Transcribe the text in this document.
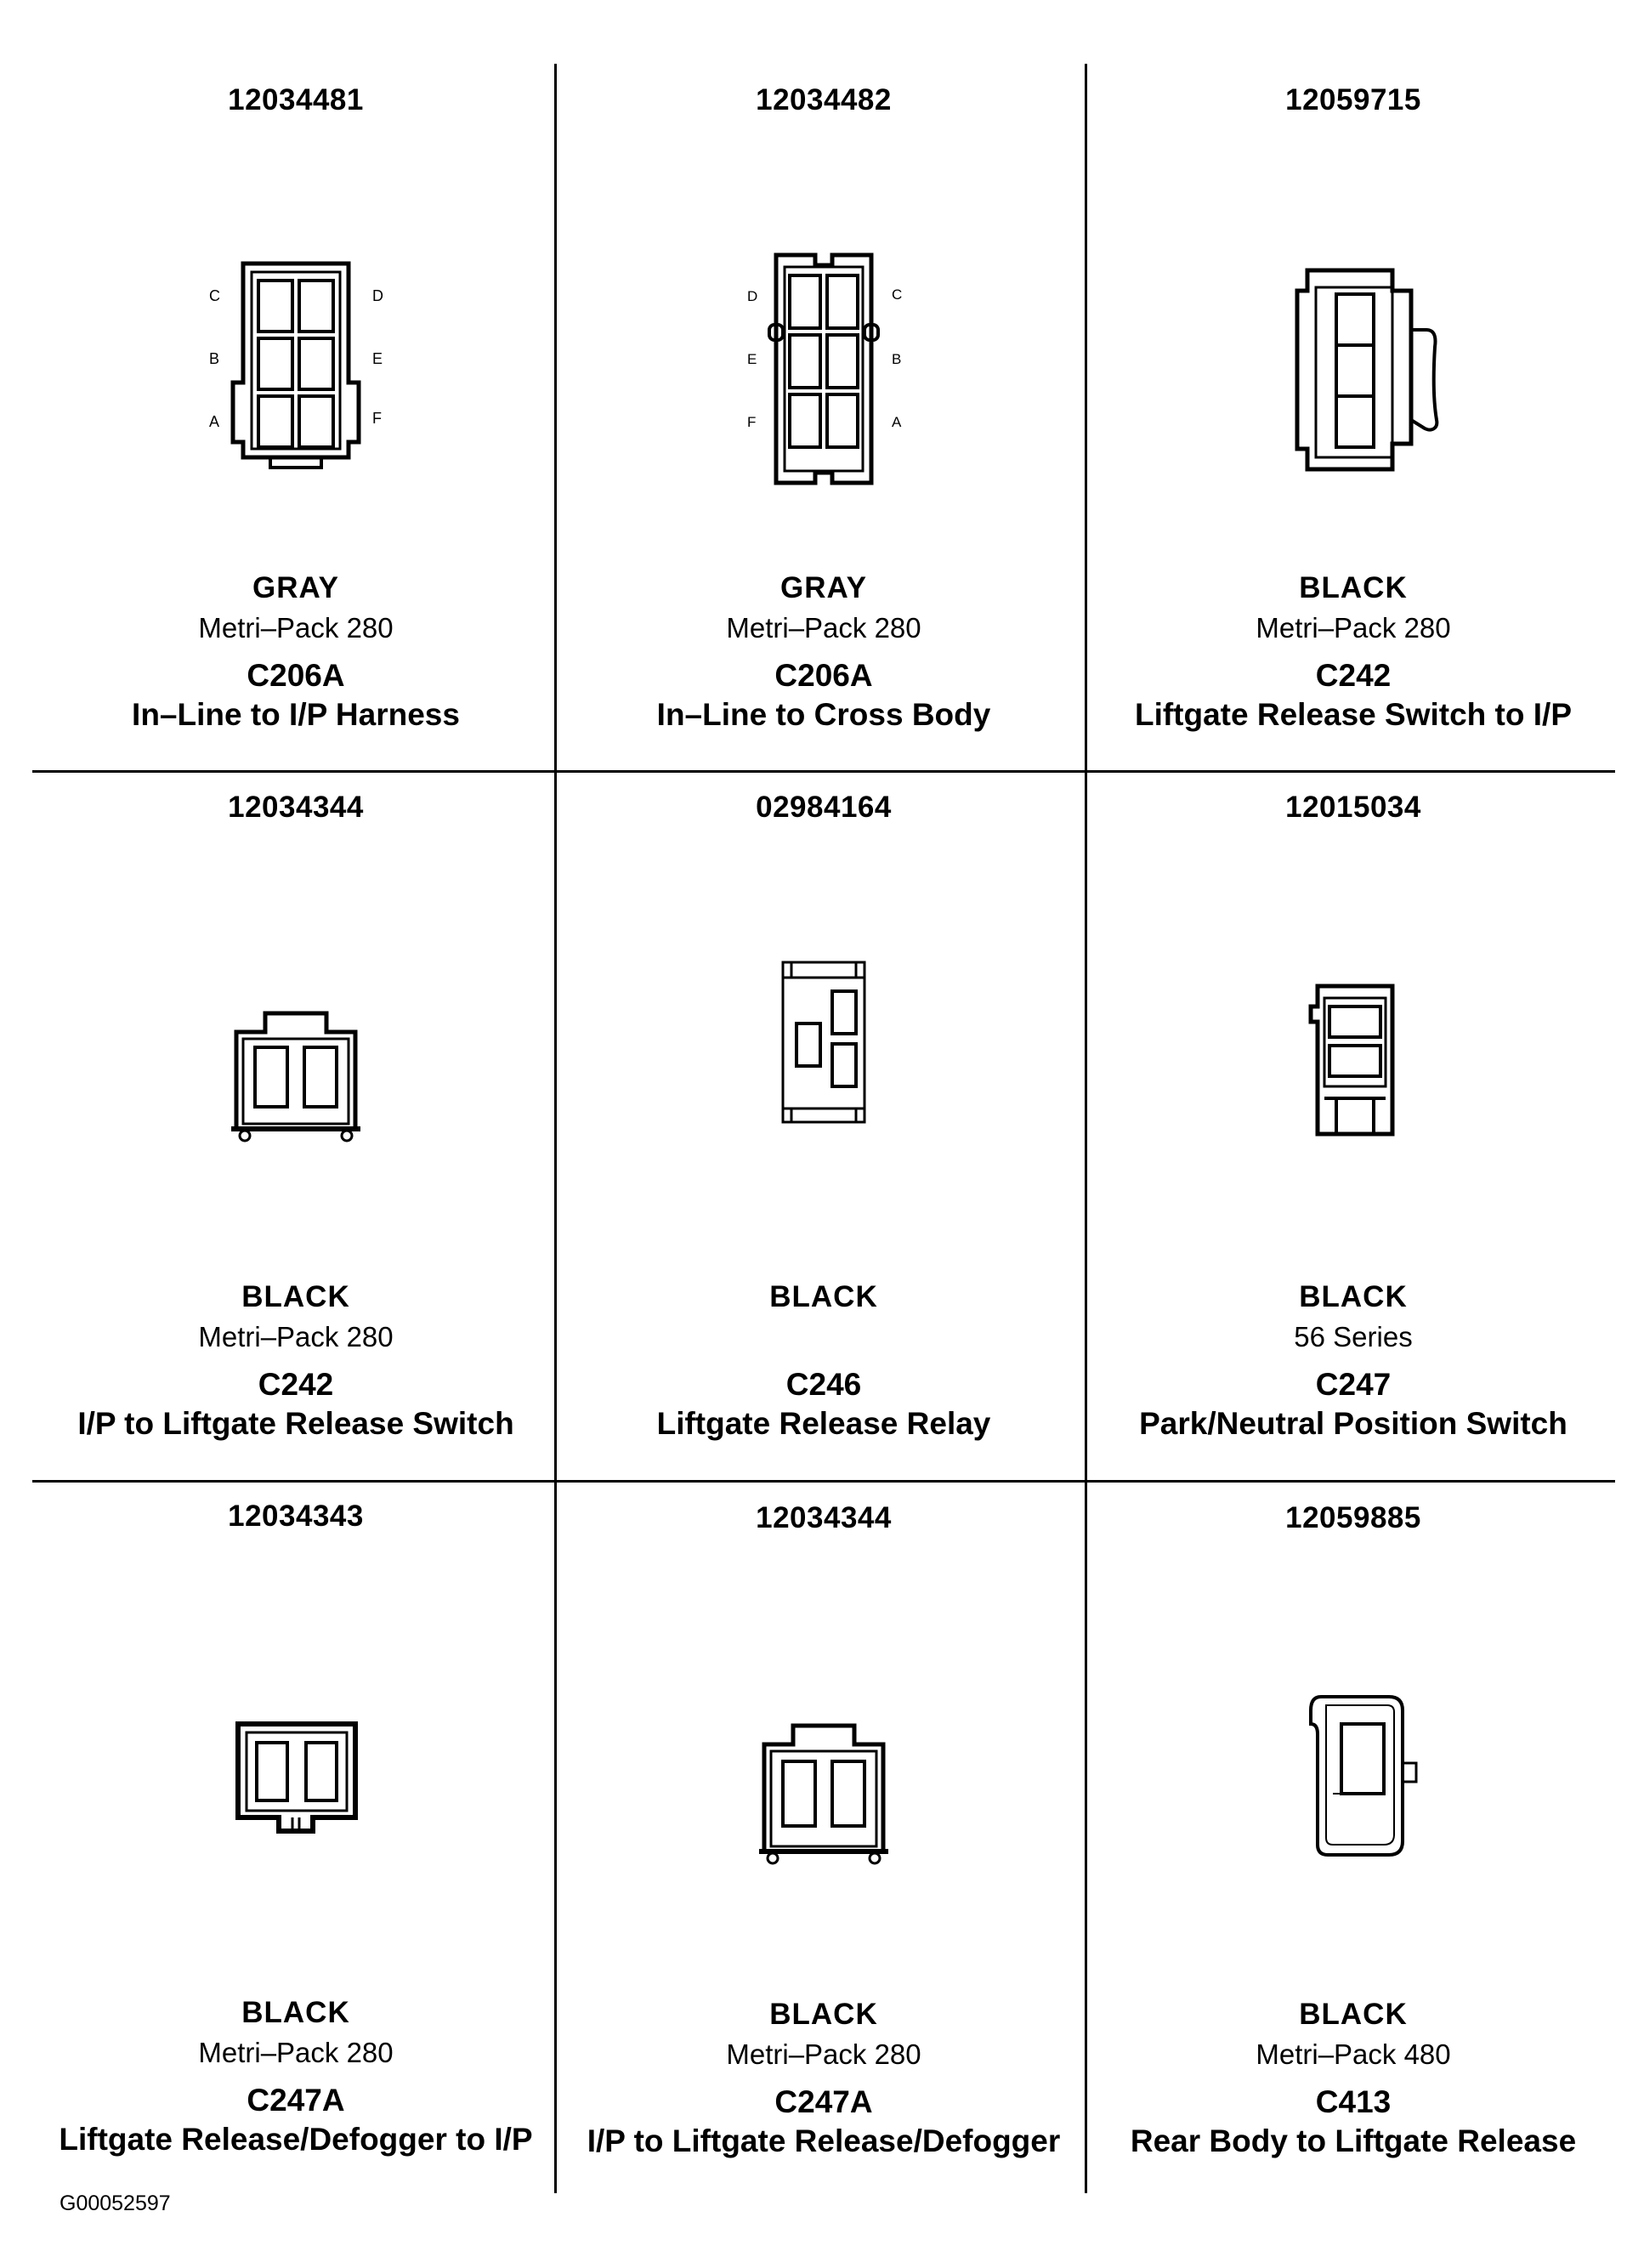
12034481
C	D
B	E
A	F
GRAY
Metri–Pack 280
C206A
In–Line to I/P Harness
12034482
D	C
E	B
F	A
GRAY
Metri–Pack 280
C206A
In–Line to Cross Body
12059715
BLACK
Metri–Pack 280
C242
Liftgate Release Switch to I/P
12034344
BLACK
Metri–Pack 280
C242
I/P to Liftgate Release Switch
02984164
BLACK
C246
Liftgate Release Relay
12015034
BLACK
56 Series
C247
Park/Neutral Position Switch
12034343
BLACK
Metri–Pack 280
C247A
Liftgate Release/Defogger to I/P
12034344
BLACK
Metri–Pack 280
C247A
I/P to Liftgate Release/Defogger
12059885
BLACK
Metri–Pack 480
C413
Rear Body to Liftgate Release
G00052597
